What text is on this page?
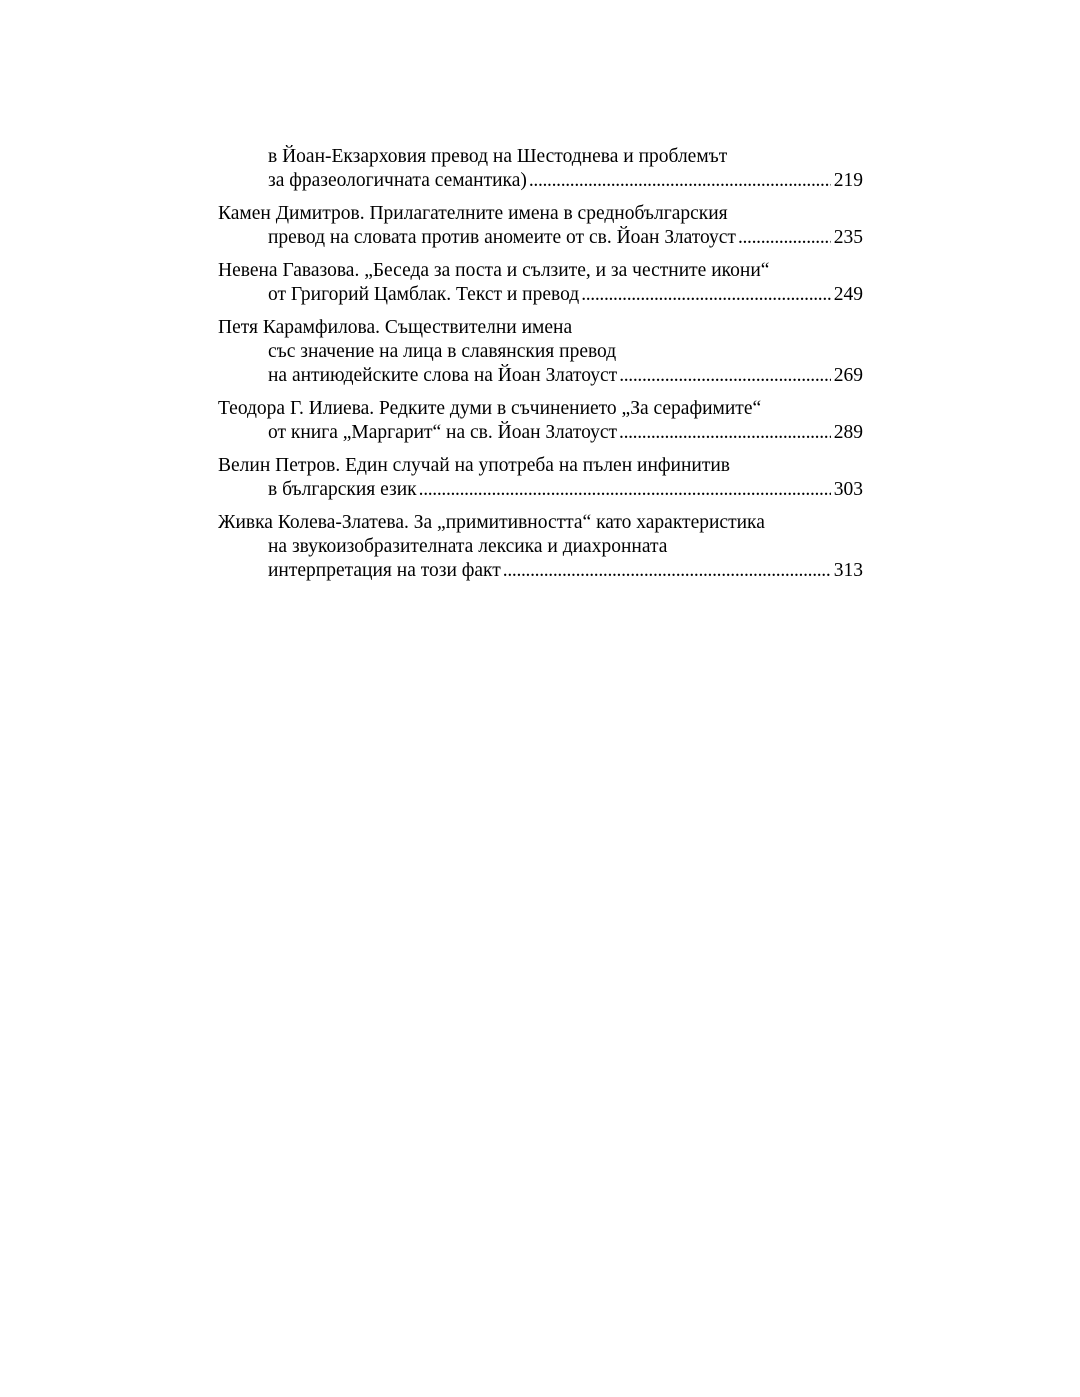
в Йоан-Екзарховия превод на Шестоднева и проблемът
за фразеологичната семантика) . . .	219
Камен Димитров. Прилагателните имена в среднобългарския
превод на словата против аномеите от св. Йоан Златоуст . . .	235
Невена Гавазова. „Беседа за поста и сълзите, и за честните икони“
от Григорий Цамблак. Текст и превод . . .	249
Петя Карамфилова. Съществителни имена
със значение на лица в славянския превод
на антиюдейските слова на Йоан Златоуст . . .	269
Теодора Г. Илиева. Редките думи в съчинението „За серафимите“
от книга „Маргарит“ на св. Йоан Златоуст . . .	289
Велин Петров. Един случай на употреба на пълен инфинитив
в българския език . . .	303
Живка Колева-Златева. За „примитивността“ като характеристика
на звукоизобразителната лексика и диахронната
интерпретация на този факт . . .	313
